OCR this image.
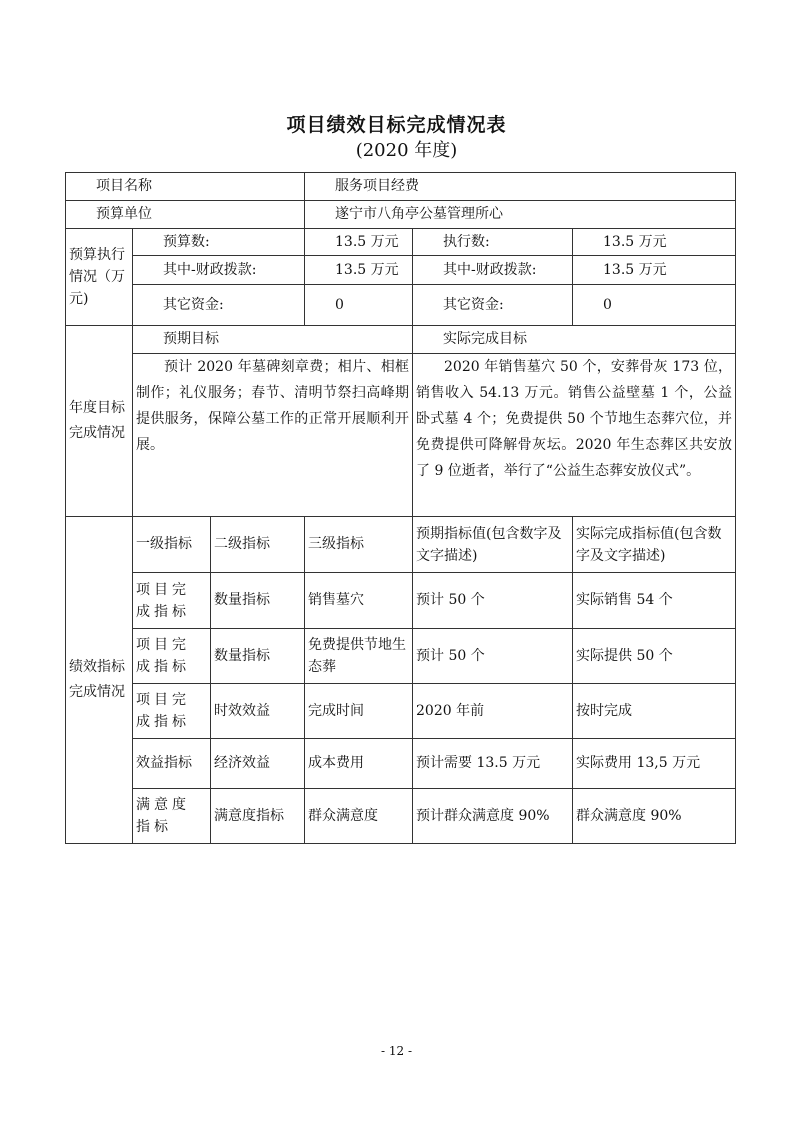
项目绩效目标完成情况表
(2020 年度)
项目名称			服务项目经费		
预算单位			遂宁市八角亭公墓管理所心		
预算执行情况（万元)	预算数:		13.5 万元	执行数:	13.5 万元
	其中-财政拨款:		13.5 万元	其中-财政拨款:	13.5 万元
	其它资金:		0	其它资金:	0
年度目标完成情况	预期目标			实际完成目标	
	预计 2020 年墓碑刻章费；相片、相框制作；礼仪服务；春节、清明节祭扫高峰期提供服务，保障公墓工作的正常开展顺利开展。			2020 年销售墓穴 50 个，安葬骨灰 173 位，销售收入 54.13 万元。销售公益壁墓 1 个，公益卧式墓 4 个；免费提供 50 个节地生态葬穴位，并免费提供可降解骨灰坛。2020 年生态葬区共安放了 9 位逝者，举行了“公益生态葬安放仪式”。	
绩效指标完成情况	一级指标	二级指标	三级指标	预期指标值(包含数字及文字描述)	实际完成指标值(包含数字及文字描述)
	项目完成指标	数量指标	销售墓穴	预计 50 个	实际销售 54 个
	项目完成指标	数量指标	免费提供节地生态葬	预计 50 个	实际提供 50 个
	项目完成指标	时效效益	完成时间	2020 年前	按时完成
	效益指标	经济效益	成本费用	预计需要 13.5 万元	实际费用 13,5 万元
	满意度指标	满意度指标	群众满意度	预计群众满意度 90%	群众满意度 90%
- 12 -
